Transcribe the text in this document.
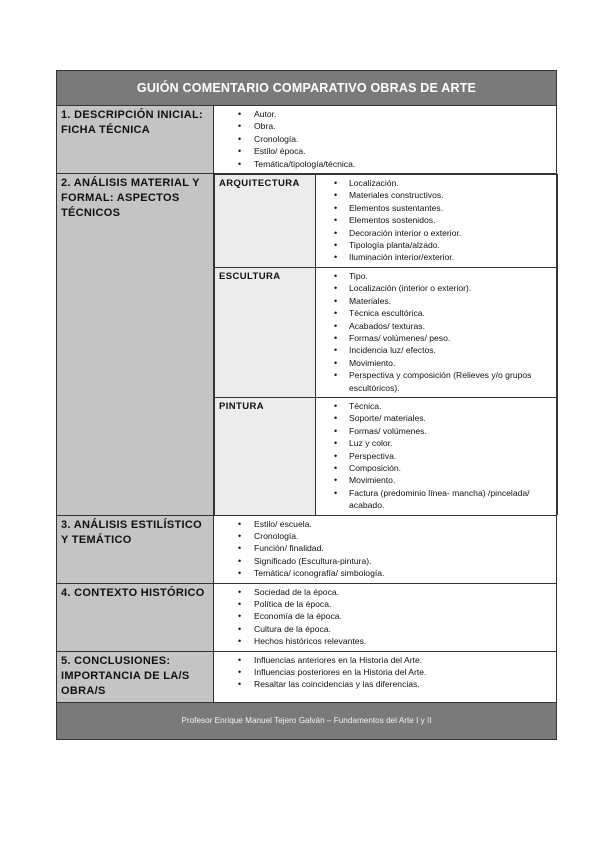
GUIÓN COMENTARIO COMPARATIVO OBRAS DE ARTE
1. DESCRIPCIÓN INICIAL: FICHA TÉCNICA	
• Autor.
• Obra.
• Cronología.
• Estilo/ época.
• Temática/tipología/técnica.

2. ANÁLISIS MATERIAL Y FORMAL: ASPECTOS TÉCNICOS	
ARQUITECTURA	
•Localización.
• Materiales constructivos.
• Elementos sustentantes.
• Elementos sostenidos.
• Decoración interior o exterior.
• Tipología planta/alzado.
• Iluminación interior/exterior.

ESCULTURA	
•Tipo.
• Localización (interior o exterior).
• Materiales.
• Técnica escultórica.
• Acabados/ texturas.
• Formas/ volúmenes/ peso.
• Incidencia luz/ efectos.
• Movimiento.
• Perspectiva y composición (Relieves y/o grupos escultóricos).

PINTURA	
•Técnica.
• Soporte/ materiales.
• Formas/ volúmenes.
• Luz y color.
• Perspectiva.
• Composición.
• Movimiento.
• Factura (predominio línea- mancha) /pincelada/ acabado.

3. ANÁLISIS ESTILÍSTICO Y TEMÁTICO	
• Estilo/ escuela.
• Cronología.
• Función/ finalidad.
• Significado (Escultura-pintura).
• Temática/ iconografía/ simbología.

4. CONTEXTO HISTÓRICO	
•Sociedad de la época.
• Política de la época.
• Economía de la época.
• Cultura de la época.
• Hechos históricos relevantes.

5. CONCLUSIONES: IMPORTANCIA DE LA/S OBRA/S	
• Influencias anteriores en la Historia del Arte.
• Influencias posteriores en la Historia del Arte.
• Resaltar las coincidencias y las diferencias.

Profesor Enrique Manuel Tejero Galván – Fundamentos del Arte I y II
